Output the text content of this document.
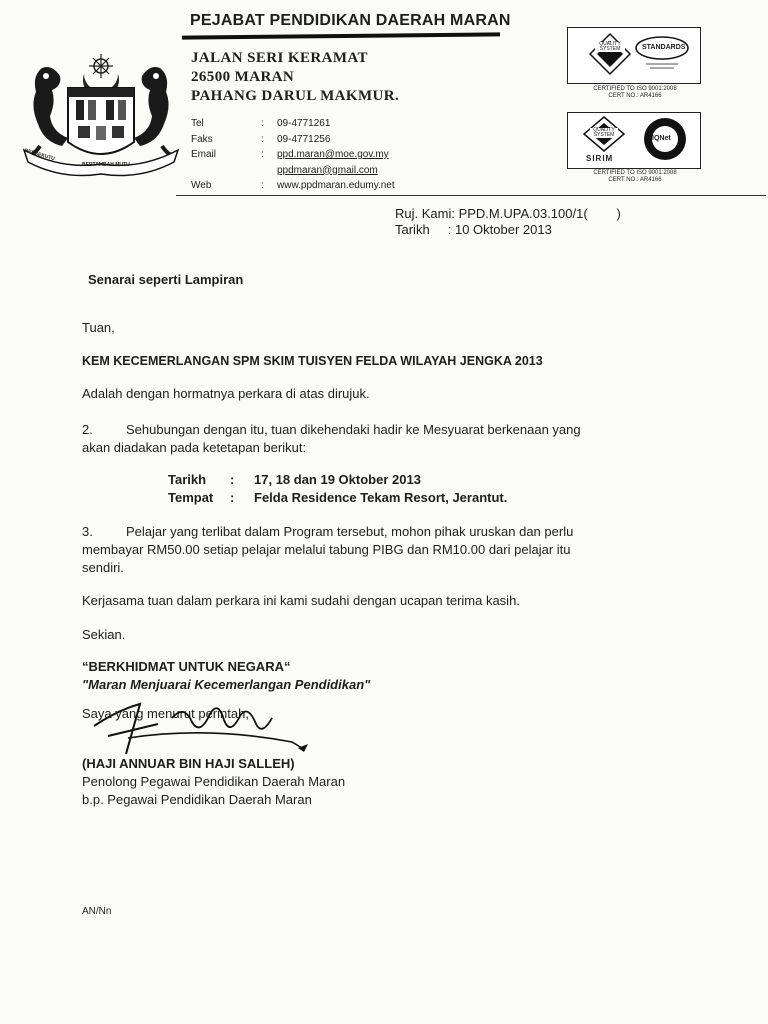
BERSEKUTU
BERTAMBAH MUTU
PEJABAT PENDIDIKAN DAERAH MARAN
JALAN SERI KERAMAT
26500 MARAN
PAHANG DARUL MAKMUR.
Tel	:	09-4771261
Faks	:	09-4771256
Email	:	ppd.maran@moe.gov.my
ppdmaran@gmail.com
Web	:	www.ppdmaran.edumy.net
QUALITY SYSTEM	STANDARDS
CERTIFIED TO ISO 9001:2008
CERT NO.: AR4166
QUALITY SYSTEM
SIRIM
IQNet
CERTIFIED TO ISO 9001:2008
CERT NO.: AR4166
Ruj. Kami: PPD.M.UPA.03.100/1(        )
Tarikh     : 10 Oktober 2013
Senarai seperti Lampiran
Tuan,
KEM KECEMERLANGAN SPM SKIM TUISYEN FELDA WILAYAH JENGKA 2013
Adalah dengan hormatnya perkara di atas dirujuk.
2.	Sehubungan dengan itu, tuan dikehendaki hadir ke Mesyuarat berkenaan yang
akan diadakan pada ketetapan berikut:
Tarikh : 17, 18 dan 19 Oktober 2013
Tempat : Felda Residence Tekam Resort, Jerantut.
3.	Pelajar yang terlibat dalam Program tersebut, mohon pihak uruskan dan perlu
membayar RM50.00 setiap pelajar melalui tabung PIBG dan RM10.00 dari pelajar itu
sendiri.
Kerjasama tuan dalam perkara ini kami sudahi dengan ucapan terima kasih.
Sekian.
“BERKHIDMAT UNTUK NEGARA“
"Maran Menjuarai Kecemerlangan Pendidikan"
Saya yang menurut perintah,
(HAJI ANNUAR BIN HAJI SALLEH)
Penolong Pegawai Pendidikan Daerah Maran
b.p. Pegawai Pendidikan Daerah Maran
AN/Nn
